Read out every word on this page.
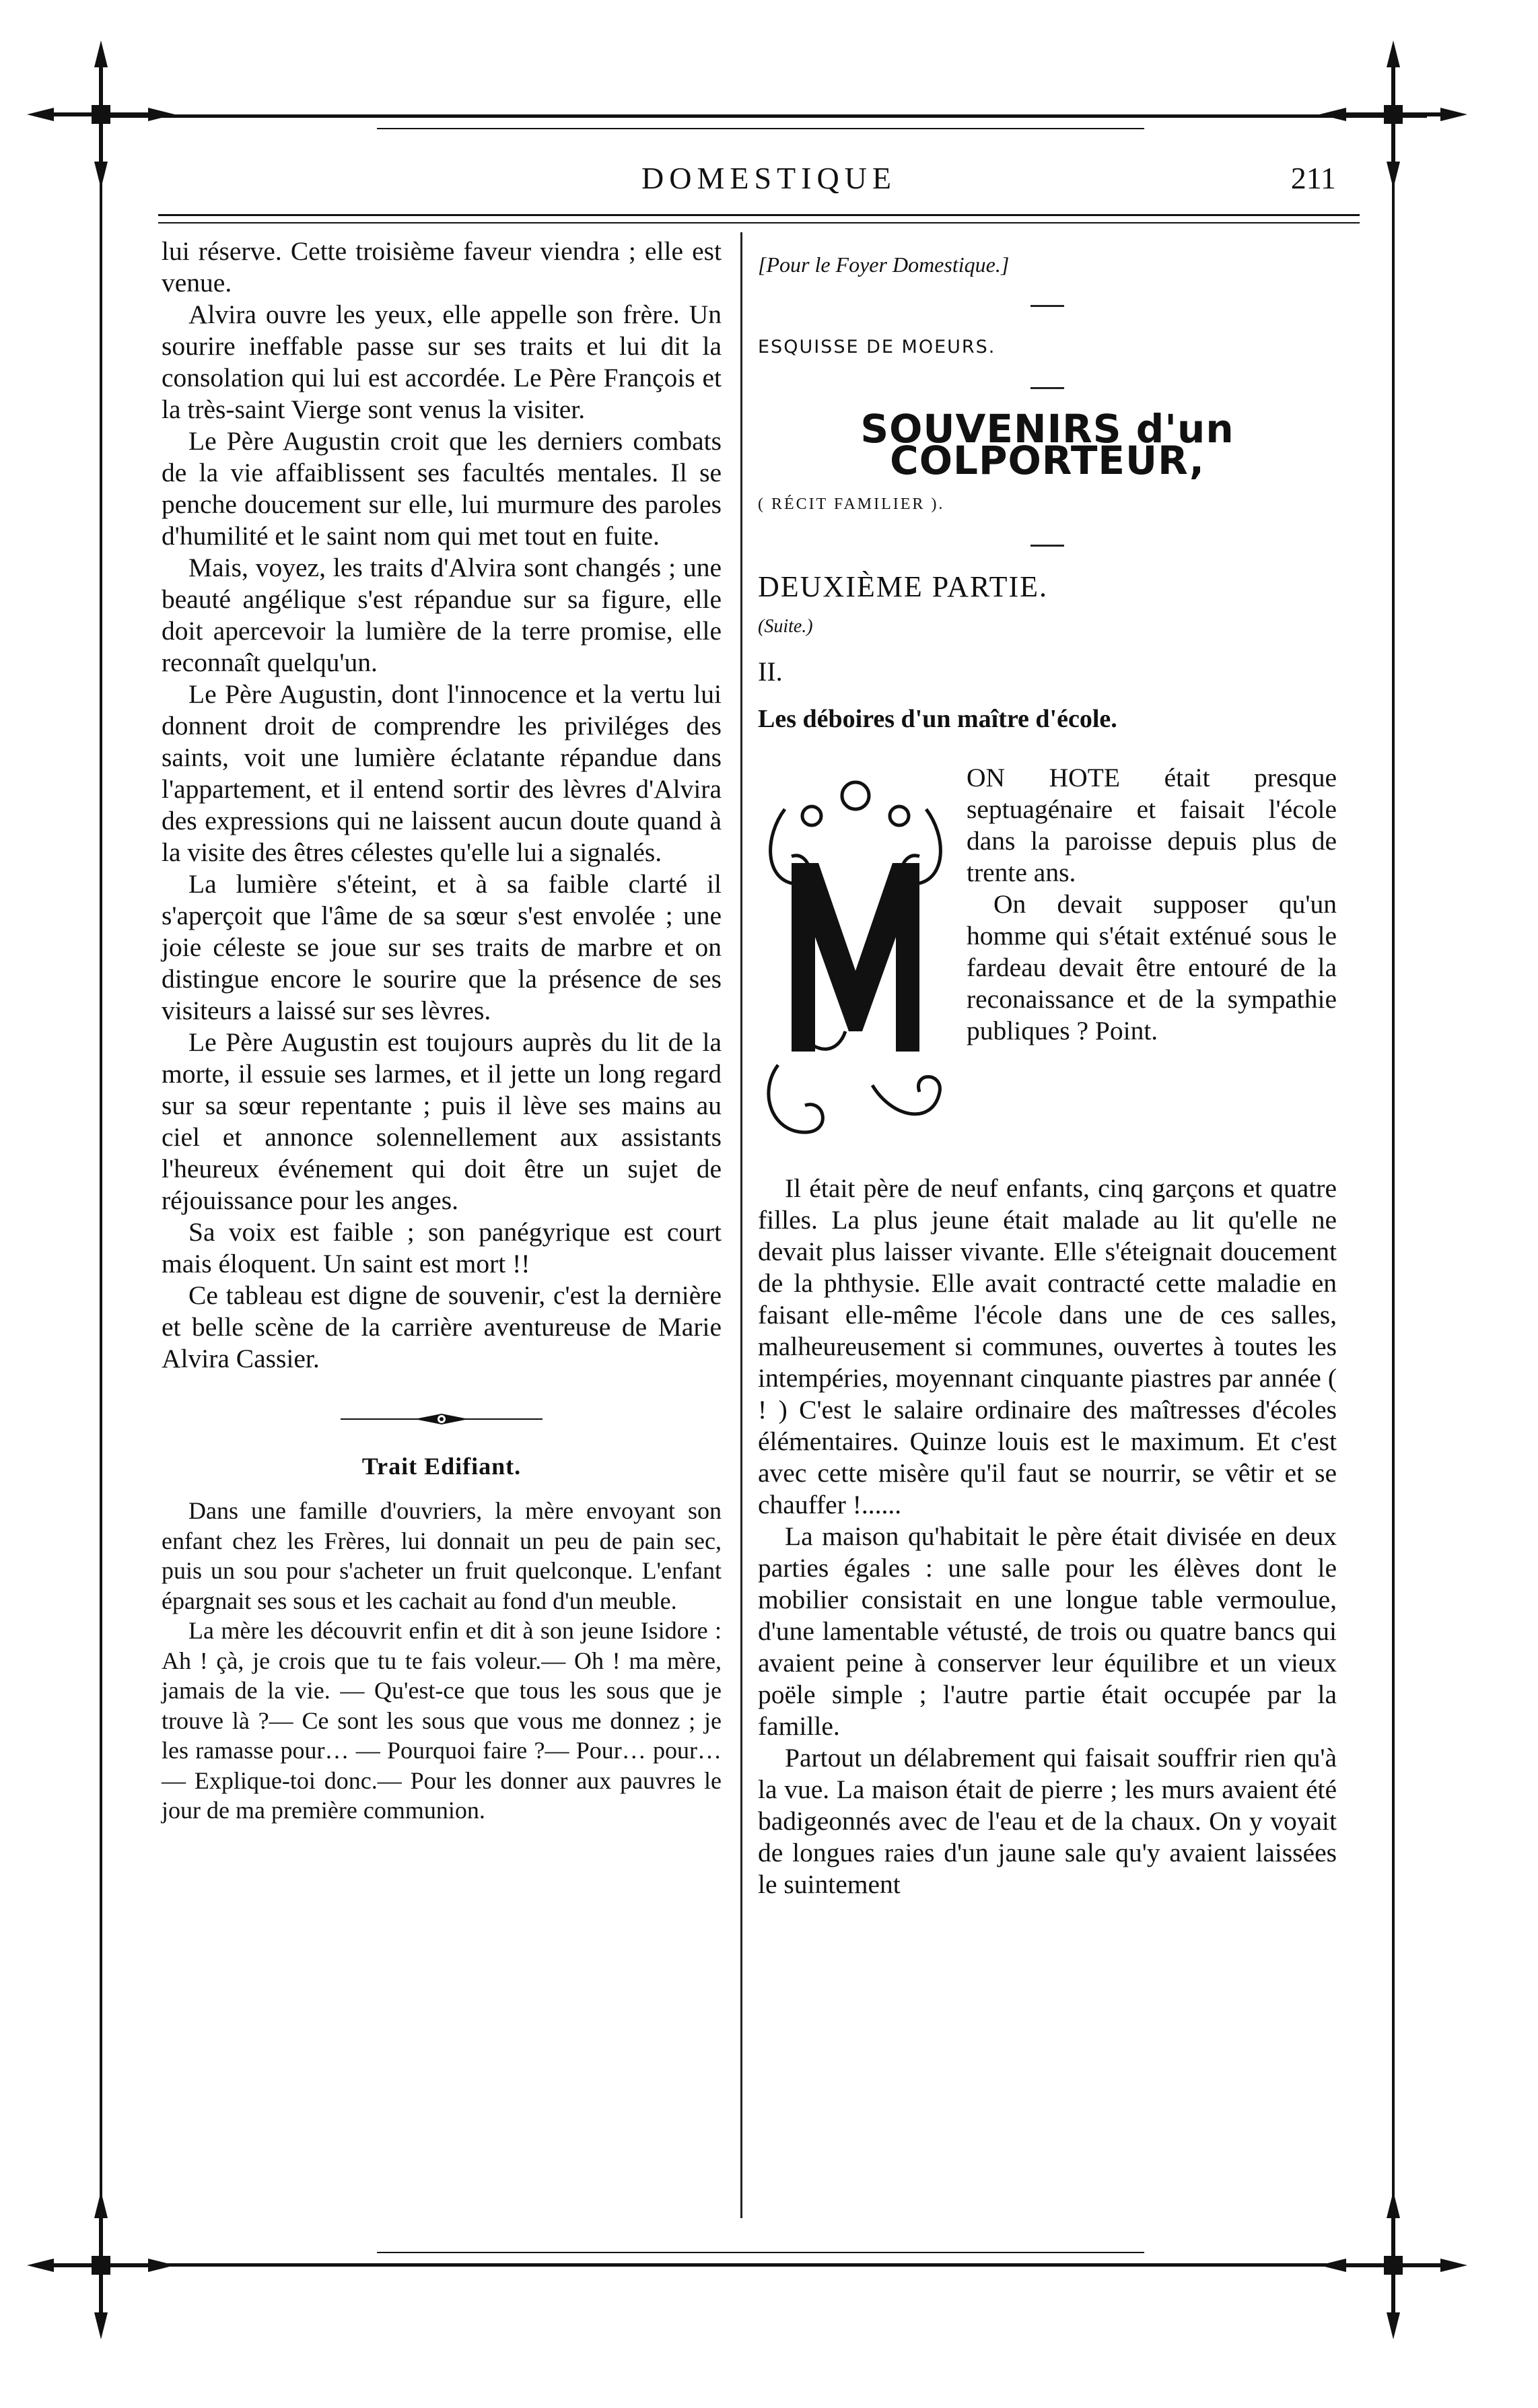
DOMESTIQUE	211

lui réserve. Cette troisième faveur viendra ; elle est venue.

Alvira ouvre les yeux, elle appelle son frère. Un sourire ineffable passe sur ses traits et lui dit la consolation qui lui est accordée. Le Père François et la très-saint Vierge sont venus la visiter.

Le Père Augustin croit que les derniers combats de la vie affaiblissent ses facultés mentales. Il se penche doucement sur elle, lui murmure des paroles d'humilité et le saint nom qui met tout en fuite.

Mais, voyez, les traits d'Alvira sont changés ; une beauté angélique s'est répandue sur sa figure, elle doit apercevoir la lumière de la terre promise, elle reconnaît quelqu'un.

Le Père Augustin, dont l'innocence et la vertu lui donnent droit de comprendre les priviléges des saints, voit une lumière éclatante répandue dans l'appartement, et il entend sortir des lèvres d'Alvira des expressions qui ne laissent aucun doute quand à la visite des êtres célestes qu'elle lui a signalés.

La lumière s'éteint, et à sa faible clarté il s'aperçoit que l'âme de sa sœur s'est envolée ; une joie céleste se joue sur ses traits de marbre et on distingue encore le sourire que la présence de ses visiteurs a laissé sur ses lèvres.

Le Père Augustin est toujours auprès du lit de la morte, il essuie ses larmes, et il jette un long regard sur sa sœur repentante ; puis il lève ses mains au ciel et annonce solennellement aux assistants l'heureux événement qui doit être un sujet de réjouissance pour les anges.

Sa voix est faible ; son panégyrique est court mais éloquent. Un saint est mort !!

Ce tableau est digne de souvenir, c'est la dernière et belle scène de la carrière aventureuse de Marie Alvira Cassier.

Trait Edifiant.

Dans une famille d'ouvriers, la mère envoyant son enfant chez les Frères, lui donnait un peu de pain sec, puis un sou pour s'acheter un fruit quelconque. L'enfant épargnait ses sous et les cachait au fond d'un meuble.

La mère les découvrit enfin et dit à son jeune Isidore : Ah ! çà, je crois que tu te fais voleur.— Oh ! ma mère, jamais de la vie. — Qu'est-ce que tous les sous que je trouve là ?— Ce sont les sous que vous me donnez ; je les ramasse pour… — Pourquoi faire ?— Pour… pour… — Explique-toi donc.— Pour les donner aux pauvres le jour de ma première communion.

[Pour le Foyer Domestique.]

ESQUISSE DE MOEURS.

SOUVENIRS d'un COLPORTEUR,

( RÉCIT FAMILIER ).

DEUXIÈME PARTIE.

(Suite.)

II.

Les déboires d'un maître d'école.

M

ON HOTE était presque septuagénaire et faisait l'école dans la paroisse depuis plus de trente ans.

On devait supposer qu'un homme qui s'était exténué sous le fardeau devait être entouré de la reconaissance et de la sympathie publiques ? Point.

Il était père de neuf enfants, cinq garçons et quatre filles. La plus jeune était malade au lit qu'elle ne devait plus laisser vivante. Elle s'éteignait doucement de la phthysie. Elle avait contracté cette maladie en faisant elle-même l'école dans une de ces salles, malheureusement si communes, ouvertes à toutes les intempéries, moyennant cinquante piastres par année ( ! ) C'est le salaire ordinaire des maîtresses d'écoles élémentaires. Quinze louis est le maximum. Et c'est avec cette misère qu'il faut se nourrir, se vêtir et se chauffer !......

La maison qu'habitait le père était divisée en deux parties égales : une salle pour les élèves dont le mobilier consistait en une longue table vermoulue, d'une lamentable vétusté, de trois ou quatre bancs qui avaient peine à conserver leur équilibre et un vieux poële simple ; l'autre partie était occupée par la famille.

Partout un délabrement qui faisait souffrir rien qu'à la vue. La maison était de pierre ; les murs avaient été badigeonnés avec de l'eau et de la chaux. On y voyait de longues raies d'un jaune sale qu'y avaient laissées le suintement
